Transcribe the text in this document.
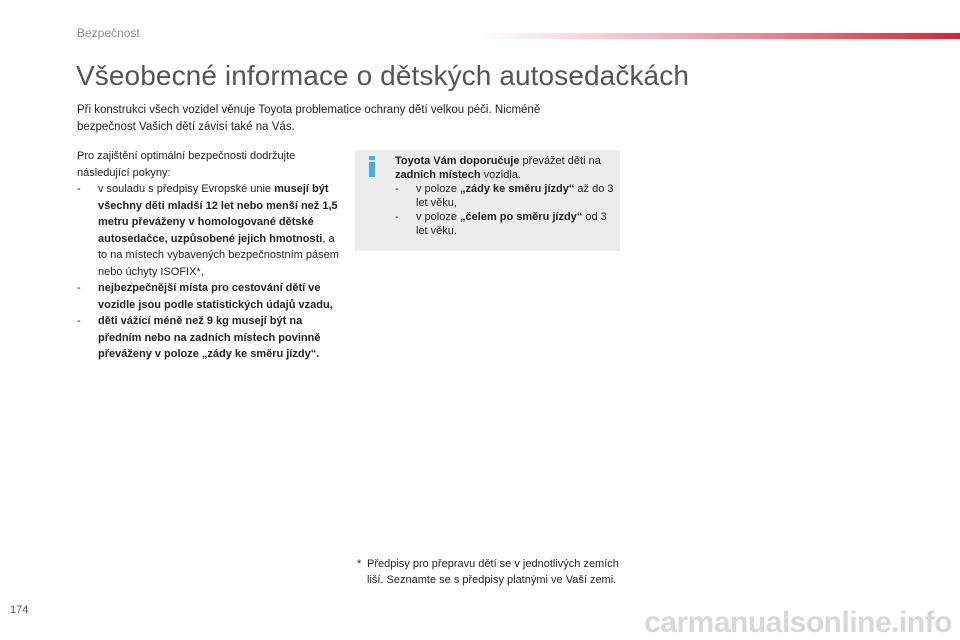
Bezpečnost
Všeobecné informace o dětských autosedačkách

Při konstrukci všech vozidel věnuje Toyota problematice ochrany dětí velkou péči. Nicméně bezpečnost Vašich dětí závisí také na Vás.

Pro zajištění optimální bezpečnosti dodržujte následující pokyny:

- v souladu s předpisy Evropské unie musejí být všechny děti mladší 12 let nebo menší než 1,5 metru převáženy v homologované dětské autosedačce, uzpůsobené jejich hmotnosti, a to na místech vybavených bezpečnostním pásem nebo úchyty ISOFIX*,
- nejbezpečnější místa pro cestování dětí ve vozidle jsou podle statistických údajů vzadu,
- děti vážící méně než 9 kg musejí být na předním nebo na zadních místech povinně převáženy v poloze „zády ke směru jízdy“.

Toyota Vám doporučuje převážet děti na zadních místech vozidla.

- v poloze „zády ke směru jízdy“ až do 3 let věku,
- v poloze „čelem po směru jízdy“ od 3 let věku.
* Předpisy pro přepravu dětí se v jednotlivých zemích liší. Seznamte se s předpisy platnými ve Vaší zemi.
174	carmanualsonline.info
